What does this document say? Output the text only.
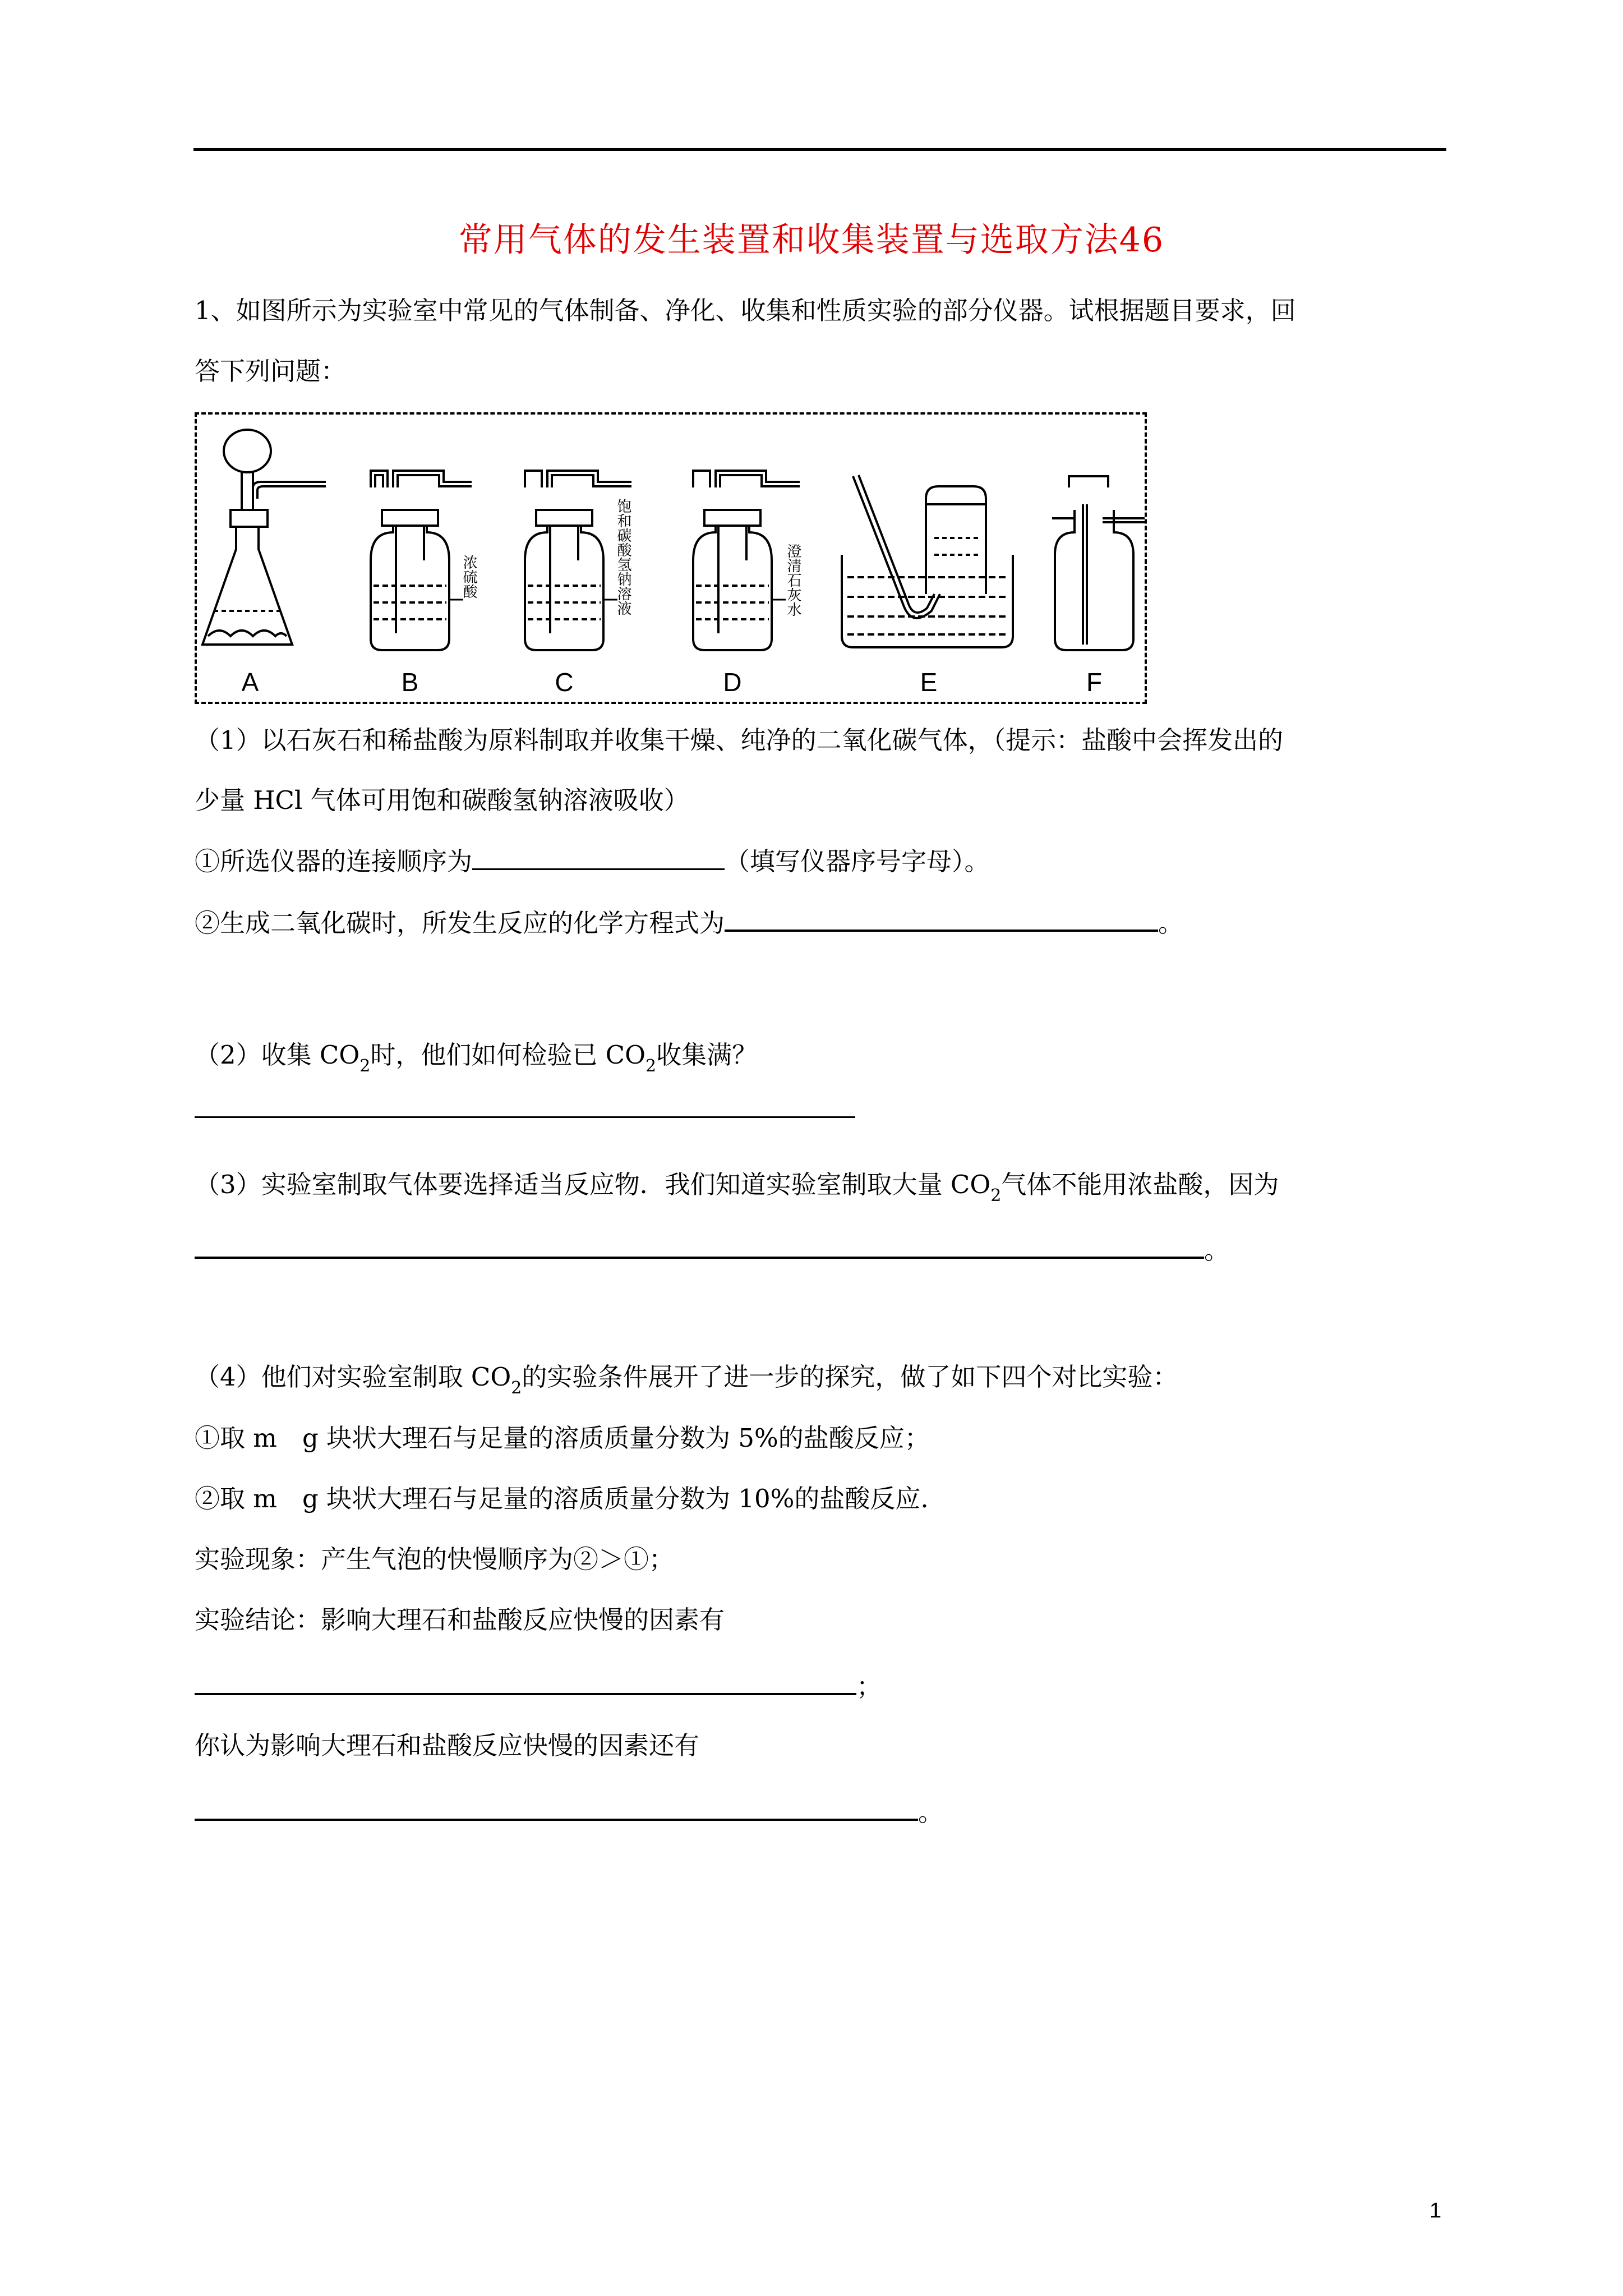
常用气体的发生装置和收集装置与选取方法46
1、如图所示为实验室中常见的气体制备、净化、收集和性质实验的部分仪器。试根据题目要求，回
答下列问题：
浓硫酸	饱和碳酸氢钠溶液	澄清石灰水
A	B	C	D	E	F
（1）以石灰石和稀盐酸为原料制取并收集干燥、纯净的二氧化碳气体，（提示：盐酸中会挥发出的
少量 HCl 气体可用饱和碳酸氢钠溶液吸收）
①所选仪器的连接顺序为	（填写仪器序号字母）。
②生成二氧化碳时，所发生反应的化学方程式为	。
（2）收集 $CO_2$时，他们如何检验已 $CO_2$收集满？
（3）实验室制取气体要选择适当反应物．我们知道实验室制取大量 $CO_2$气体不能用浓盐酸，因为
。
（4）他们对实验室制取 $CO_2$的实验条件展开了进一步的探究，做了如下四个对比实验：
①取 m　g 块状大理石与足量的溶质质量分数为 5%的盐酸反应；
②取 m　g 块状大理石与足量的溶质质量分数为 10%的盐酸反应.
实验现象：产生气泡的快慢顺序为②＞①；
实验结论：影响大理石和盐酸反应快慢的因素有
；
你认为影响大理石和盐酸反应快慢的因素还有
。
1
